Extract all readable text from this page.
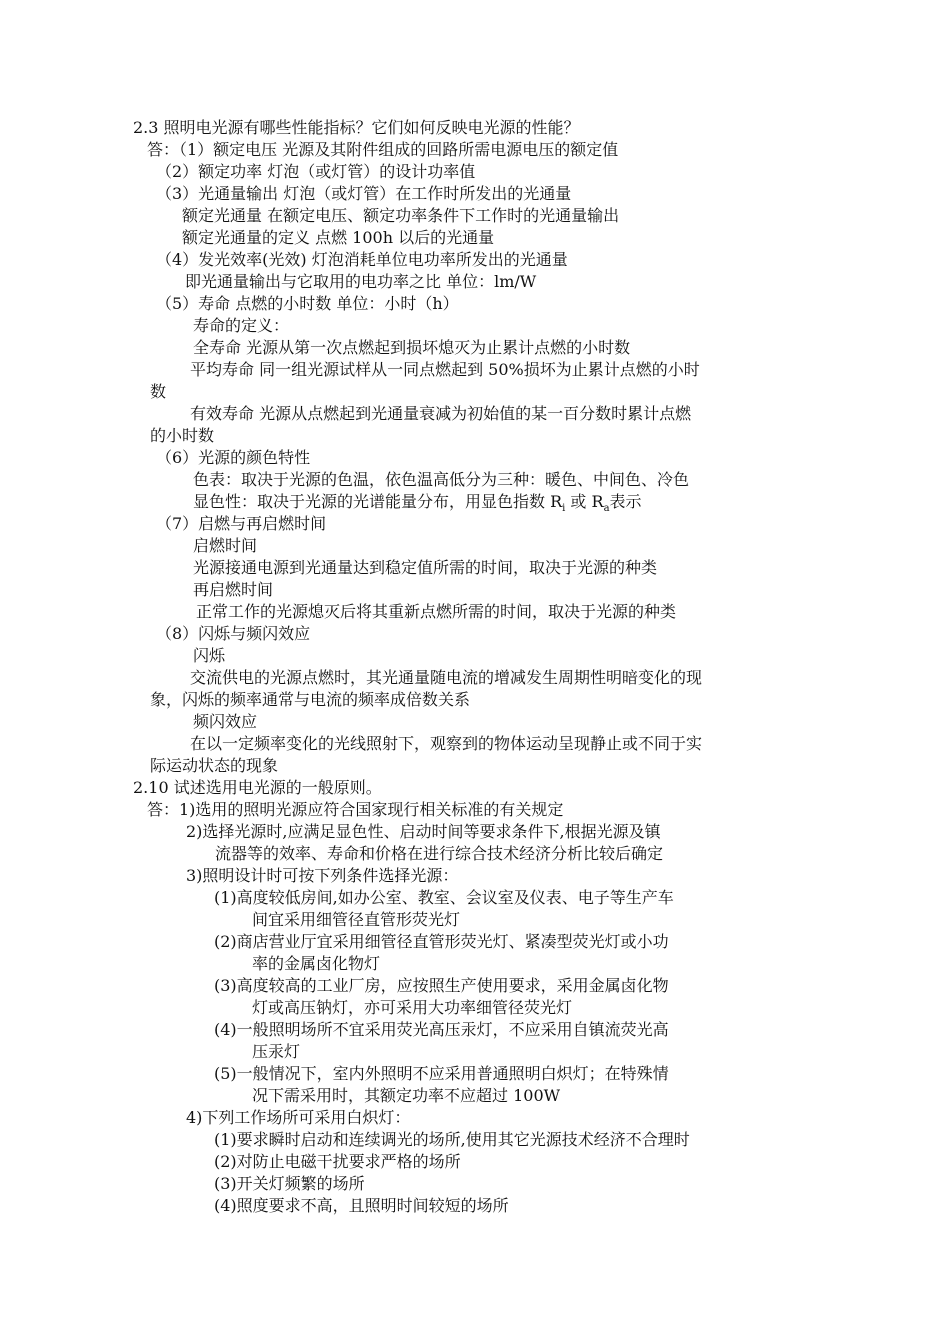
2.3 照明电光源有哪些性能指标？它们如何反映电光源的性能？
答：（1）额定电压 光源及其附件组成的回路所需电源电压的额定值
（2）额定功率 灯泡（或灯管）的设计功率值
（3）光通量输出 灯泡（或灯管）在工作时所发出的光通量
额定光通量 在额定电压、额定功率条件下工作时的光通量输出
额定光通量的定义 点燃 100h 以后的光通量
（4）发光效率(光效) 灯泡消耗单位电功率所发出的光通量
即光通量输出与它取用的电功率之比 单位：lm/W
（5）寿命 点燃的小时数 单位：小时（h）
寿命的定义：
全寿命 光源从第一次点燃起到损坏熄灭为止累计点燃的小时数
平均寿命 同一组光源试样从一同点燃起到 50%损坏为止累计点燃的小时
数
有效寿命 光源从点燃起到光通量衰减为初始值的某一百分数时累计点燃
的小时数
（6）光源的颜色特性
色表：取决于光源的色温，依色温高低分为三种：暖色、中间色、冷色
显色性：取决于光源的光谱能量分布，用显色指数 $R_i$ 或 $R_a$表示
（7）启燃与再启燃时间
启燃时间
光源接通电源到光通量达到稳定值所需的时间，取决于光源的种类
再启燃时间
正常工作的光源熄灭后将其重新点燃所需的时间，取决于光源的种类
（8）闪烁与频闪效应
闪烁
交流供电的光源点燃时，其光通量随电流的增减发生周期性明暗变化的现
象，闪烁的频率通常与电流的频率成倍数关系
频闪效应
在以一定频率变化的光线照射下，观察到的物体运动呈现静止或不同于实
际运动状态的现象
2.10 试述选用电光源的一般原则。
答：1)选用的照明光源应符合国家现行相关标准的有关规定
2)选择光源时,应满足显色性、启动时间等要求条件下,根据光源及镇
流器等的效率、寿命和价格在进行综合技术经济分析比较后确定
3)照明设计时可按下列条件选择光源：
(1)高度较低房间,如办公室、教室、会议室及仪表、电子等生产车
间宜采用细管径直管形荧光灯
(2)商店营业厅宜采用细管径直管形荧光灯、紧凑型荧光灯或小功
率的金属卤化物灯
(3)高度较高的工业厂房，应按照生产使用要求，采用金属卤化物
灯或高压钠灯，亦可采用大功率细管径荧光灯
(4)一般照明场所不宜采用荧光高压汞灯，不应采用自镇流荧光高
压汞灯
(5)一般情况下，室内外照明不应采用普通照明白炽灯；在特殊情
况下需采用时，其额定功率不应超过 100W
4)下列工作场所可采用白炽灯：
(1)要求瞬时启动和连续调光的场所,使用其它光源技术经济不合理时
(2)对防止电磁干扰要求严格的场所
(3)开关灯频繁的场所
(4)照度要求不高，且照明时间较短的场所
